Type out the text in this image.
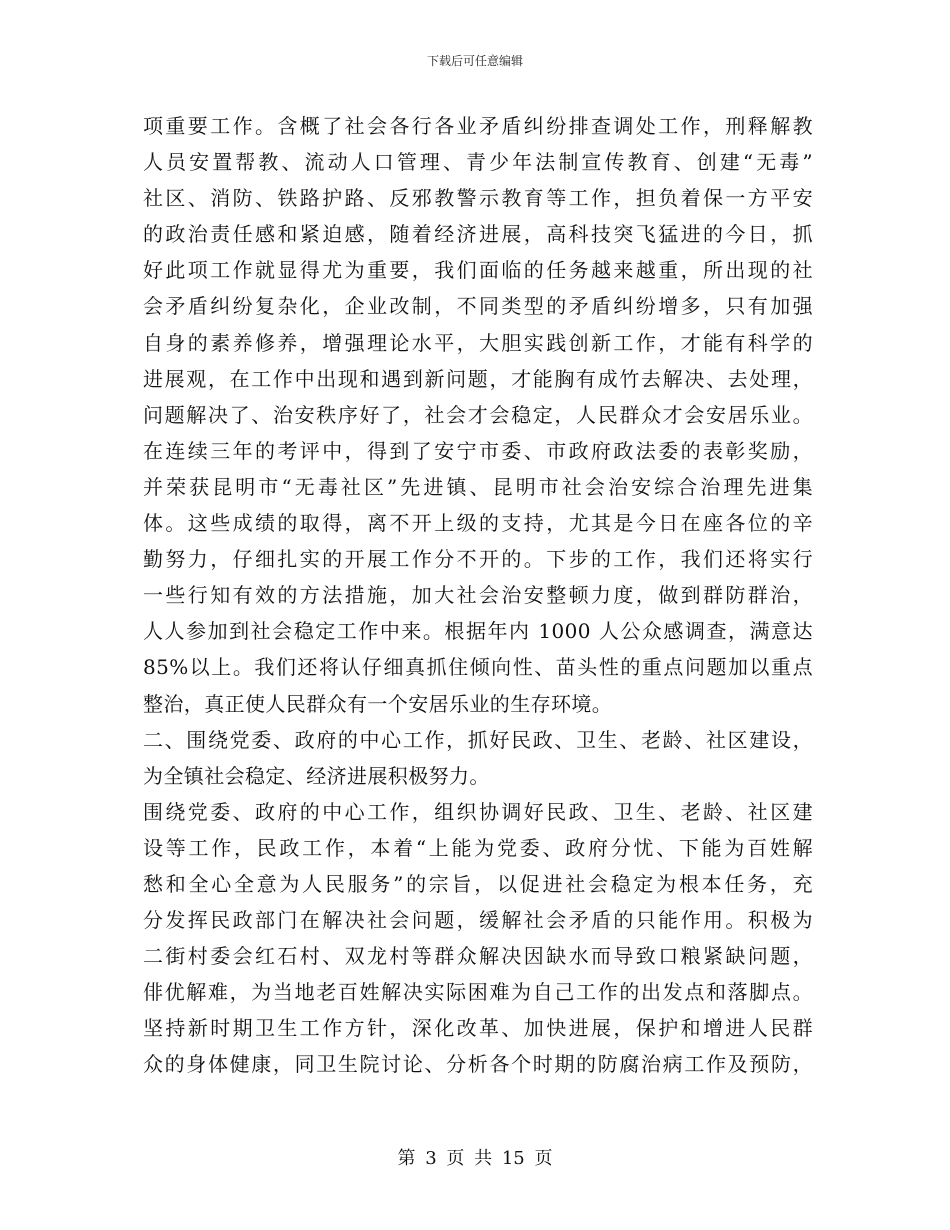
下载后可任意编辑
项重要工作。含概了社会各行各业矛盾纠纷排查调处工作，刑释解教
人员安置帮教、流动人口管理、青少年法制宣传教育、创建“无毒”
社区、消防、铁路护路、反邪教警示教育等工作，担负着保一方平安
的政治责任感和紧迫感，随着经济进展，高科技突飞猛进的今日，抓
好此项工作就显得尤为重要，我们面临的任务越来越重，所出现的社
会矛盾纠纷复杂化，企业改制，不同类型的矛盾纠纷增多，只有加强
自身的素养修养，增强理论水平，大胆实践创新工作，才能有科学的
进展观，在工作中出现和遇到新问题，才能胸有成竹去解决、去处理，
问题解决了、治安秩序好了，社会才会稳定，人民群众才会安居乐业。
在连续三年的考评中，得到了安宁市委、市政府政法委的表彰奖励，
并荣获昆明市“无毒社区”先进镇、昆明市社会治安综合治理先进集
体。这些成绩的取得，离不开上级的支持，尤其是今日在座各位的辛
勤努力，仔细扎实的开展工作分不开的。下步的工作，我们还将实行
一些行知有效的方法措施，加大社会治安整顿力度，做到群防群治，
人人参加到社会稳定工作中来。根据年内 1000 人公众感调查，满意达
85%以上。我们还将认仔细真抓住倾向性、苗头性的重点问题加以重点
整治，真正使人民群众有一个安居乐业的生存环境。
二、围绕党委、政府的中心工作，抓好民政、卫生、老龄、社区建设，
为全镇社会稳定、经济进展积极努力。
围绕党委、政府的中心工作，组织协调好民政、卫生、老龄、社区建
设等工作，民政工作，本着“上能为党委、政府分忧、下能为百姓解
愁和全心全意为人民服务”的宗旨，以促进社会稳定为根本任务，充
分发挥民政部门在解决社会问题，缓解社会矛盾的只能作用。积极为
二街村委会红石村、双龙村等群众解决因缺水而导致口粮紧缺问题，
俳优解难，为当地老百姓解决实际困难为自己工作的出发点和落脚点。
坚持新时期卫生工作方针，深化改革、加快进展，保护和增进人民群
众的身体健康，同卫生院讨论、分析各个时期的防腐治病工作及预防，
第 3 页 共 15 页
